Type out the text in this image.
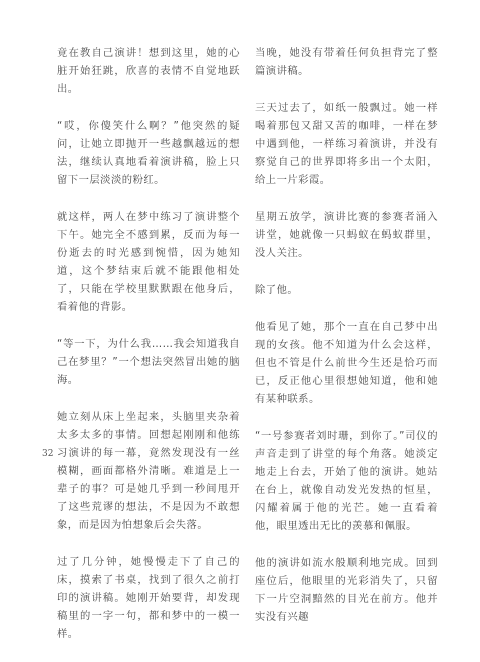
竟在教自己演讲！想到这里，她的心脏开始狂跳，欣喜的表情不自觉地跃出。

“哎，你傻笑什么啊？”他突然的疑问，让她立即抛开一些越飘越远的想法，继续认真地看着演讲稿，脸上只留下一层淡淡的粉红。

就这样，两人在梦中练习了演讲整个下午。她完全不感到累，反而为每一份逝去的时光感到惋惜，因为她知道，这个梦结束后就不能跟他相处了，只能在学校里默默跟在他身后，看着他的背影。

“等一下，为什么我……我会知道我自己在梦里？”一个想法突然冒出她的脑海。

她立刻从床上坐起来，头脑里夹杂着太多太多的事情。回想起刚刚和他练习演讲的每一幕，竟然发现没有一丝模糊，画面都格外清晰。难道是上一辈子的事？可是她几乎到一秒间甩开了这些荒谬的想法，不是因为不敢想象，而是因为怕想象后会失落。

过了几分钟，她慢慢走下了自己的床，摸索了书桌，找到了很久之前打印的演讲稿。她刚开始要背，却发现稿里的一字一句，都和梦中的一模一样。

当晚，她没有带着任何负担背完了整篇演讲稿。

三天过去了，如纸一般飘过。她一样喝着那包又甜又苦的咖啡，一样在梦中遇到他，一样练习着演讲，并没有察觉自己的世界即将多出一个太阳，给上一片彩霞。

星期五放学，演讲比赛的参赛者涌入讲堂，她就像一只蚂蚁在蚂蚁群里，没人关注。

除了他。

他看见了她，那个一直在自己梦中出现的女孩。他不知道为什么会这样，但也不管是什么前世今生还是恰巧而已，反正他心里很想她知道，他和她有某种联系。

“一号参赛者刘时珊，到你了。”司仪的声音走到了讲堂的每个角落。她淡定地走上台去，开始了他的演讲。她站在台上，就像自动发光发热的恒星，闪耀着属于他的光芒。她一直看着他，眼里透出无比的羡慕和佩服。

他的演讲如流水般顺利地完成。回到座位后，他眼里的光彩消失了，只留下一片空洞黯然的目光在前方。他并实没有兴趣

32
